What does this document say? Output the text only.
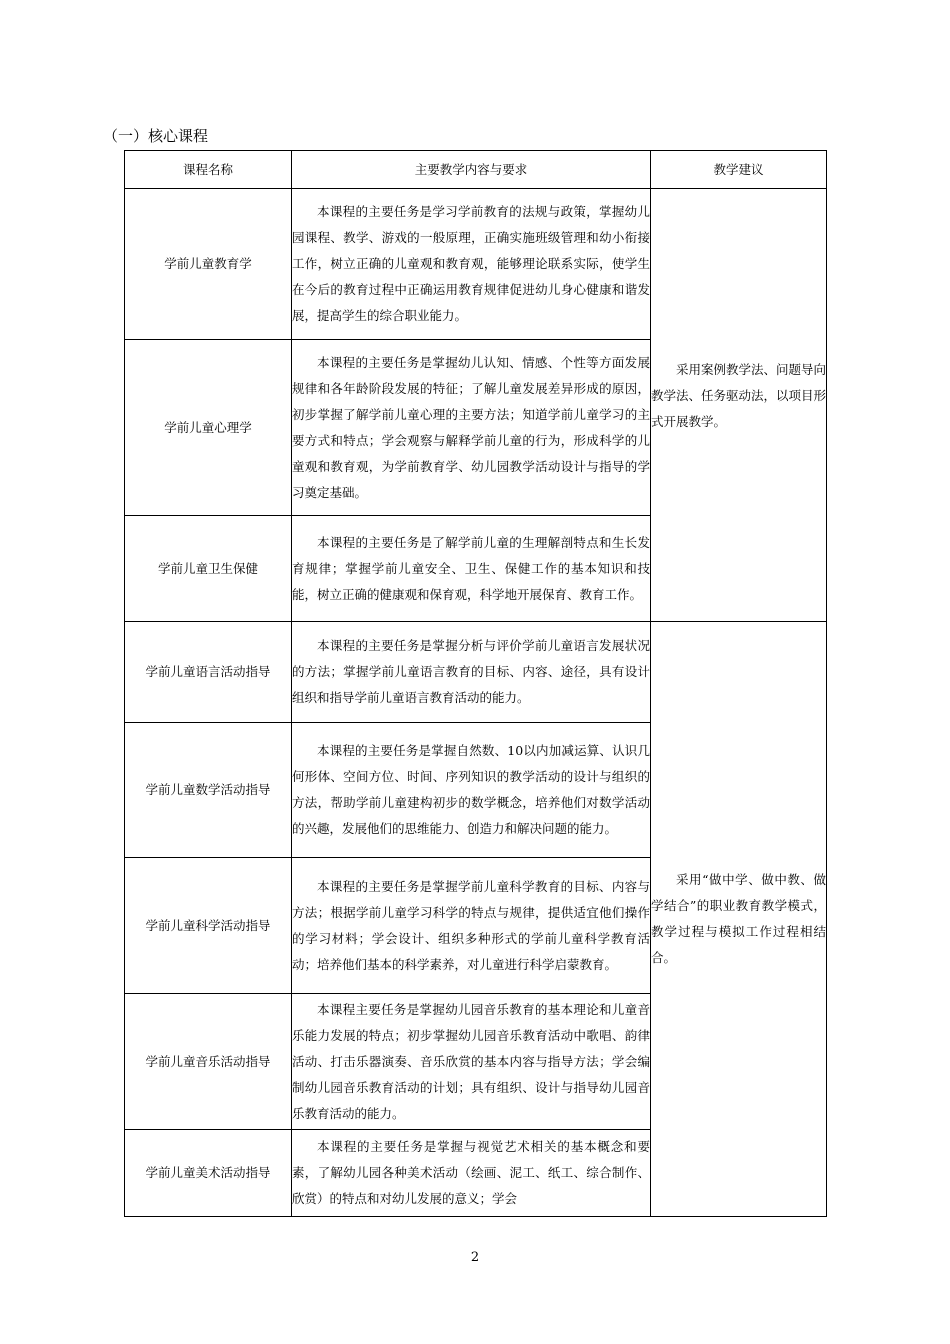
（一）核心课程
课程名称	主要教学内容与要求	教学建议
学前儿童教育学	本课程的主要任务是学习学前教育的法规与政策，掌握幼儿园课程、教学、游戏的一般原理，正确实施班级管理和幼小衔接工作，树立正确的儿童观和教育观，能够理论联系实际，使学生在今后的教育过程中正确运用教育规律促进幼儿身心健康和谐发展，提高学生的综合职业能力。	采用案例教学法、问题导向教学法、任务驱动法，以项目形式开展教学。
学前儿童心理学	本课程的主要任务是掌握幼儿认知、情感、个性等方面发展规律和各年龄阶段发展的特征；了解儿童发展差异形成的原因，初步掌握了解学前儿童心理的主要方法；知道学前儿童学习的主要方式和特点；学会观察与解释学前儿童的行为，形成科学的儿童观和教育观，为学前教育学、幼儿园教学活动设计与指导的学习奠定基础。	
学前儿童卫生保健	本课程的主要任务是了解学前儿童的生理解剖特点和生长发育规律；掌握学前儿童安全、卫生、保健工作的基本知识和技能，树立正确的健康观和保育观，科学地开展保育、教育工作。	
学前儿童语言活动指导	本课程的主要任务是掌握分析与评价学前儿童语言发展状况的方法；掌握学前儿童语言教育的目标、内容、途径，具有设计组织和指导学前儿童语言教育活动的能力。	采用“做中学、做中教、做学结合”的职业教育教学模式，教学过程与模拟工作过程相结合。
学前儿童数学活动指导	本课程的主要任务是掌握自然数、10以内加减运算、认识几何形体、空间方位、时间、序列知识的教学活动的设计与组织的方法，帮助学前儿童建构初步的数学概念，培养他们对数学活动的兴趣，发展他们的思维能力、创造力和解决问题的能力。	
学前儿童科学活动指导	本课程的主要任务是掌握学前儿童科学教育的目标、内容与方法；根据学前儿童学习科学的特点与规律，提供适宜他们操作的学习材料；学会设计、组织多种形式的学前儿童科学教育活动；培养他们基本的科学素养，对儿童进行科学启蒙教育。	
学前儿童音乐活动指导	本课程主要任务是掌握幼儿园音乐教育的基本理论和儿童音乐能力发展的特点；初步掌握幼儿园音乐教育活动中歌唱、韵律活动、打击乐器演奏、音乐欣赏的基本内容与指导方法；学会编制幼儿园音乐教育活动的计划；具有组织、设计与指导幼儿园音乐教育活动的能力。	
学前儿童美术活动指导	本课程的主要任务是掌握与视觉艺术相关的基本概念和要素，了解幼儿园各种美术活动（绘画、泥工、纸工、综合制作、欣赏）的特点和对幼儿发展的意义；学会	
2
